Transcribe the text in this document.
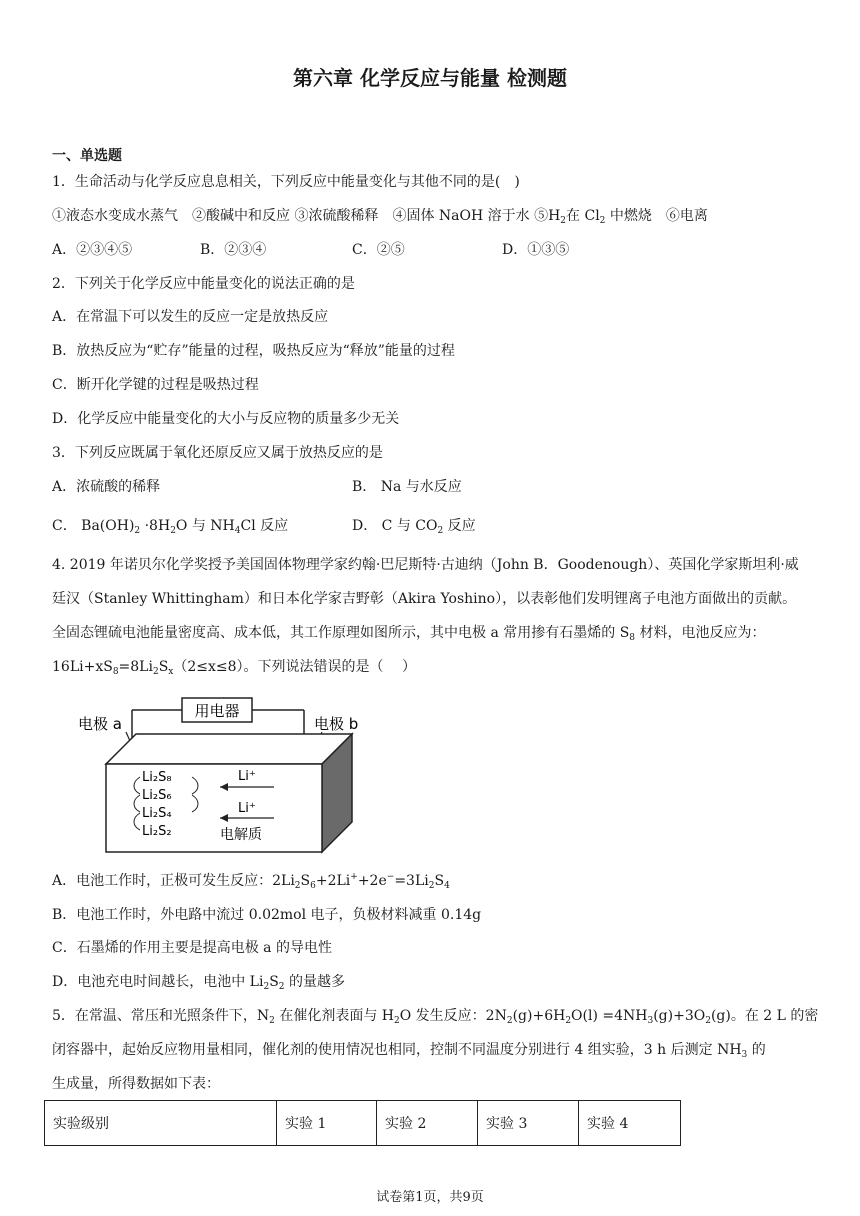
第六章 化学反应与能量 检测题
一、单选题
1．生命活动与化学反应息息相关，下列反应中能量变化与其他不同的是(　)
①液态水变成水蒸气　②酸碱中和反应 ③浓硫酸稀释　④固体 NaOH 溶于水 $⑤H_2$在 $Cl_2$ 中燃烧　⑥电离
A．②③④⑤	B．②③④	C．②⑤	D．①③⑤
2．下列关于化学反应中能量变化的说法正确的是
A．在常温下可以发生的反应一定是放热反应
B．放热反应为“贮存”能量的过程，吸热反应为“释放”能量的过程
C．断开化学键的过程是吸热过程
D．化学反应中能量变化的大小与反应物的质量多少无关
3．下列反应既属于氧化还原反应又属于放热反应的是
A．浓硫酸的稀释	B． Na 与水反应
C． $Ba(OH)_2 \cdot 8H_2O$ 与 $NH_4Cl$ 反应	D． C 与 $CO_2$ 反应
4. 2019 年诺贝尔化学奖授予美国固体物理学家约翰·巴尼斯特·古迪纳（John B．Goodenough）、英国化学家斯坦利·威
廷汉（Stanley Whittingham）和日本化学家吉野彰（Akira Yoshino），以表彰他们发明锂离子电池方面做出的贡献。
全固态锂硫电池能量密度高、成本低，其工作原理如图所示，其中电极 a 常用掺有石墨烯的 $S_8$ 材料，电池反应为：
$16Li+xS_8=8Li_2S_x(2\le x\le 8)$。下列说法错误的是（　 ）
用电器
电极 a	电极 b
Li₂S₈
Li₂S₆
Li₂S₄
Li₂S₂
Li⁺
Li⁺
电解质
A．电池工作时，正极可发生反应：$2Li_2S_6+2Li^++2e^-=3Li_2S_4$
B．电池工作时，外电路中流过 0.02mol 电子，负极材料减重 0.14g
C．石墨烯的作用主要是提高电极 a 的导电性
D．电池充电时间越长，电池中 $Li_2S_2$ 的量越多
5．在常温、常压和光照条件下，$N_2$ 在催化剂表面与 $H_2O$ 发生反应：$2N_2(g)+6H_2O(l) =4NH_3(g)+3O_2(g)$。在 2 L 的密
闭容器中，起始反应物用量相同，催化剂的使用情况也相同，控制不同温度分别进行 4 组实验，3 h 后测定 $NH_3$ 的
生成量，所得数据如下表：
实验级别	实验 1	实验 2	实验 3	实验 4
试卷第1页，共9页
